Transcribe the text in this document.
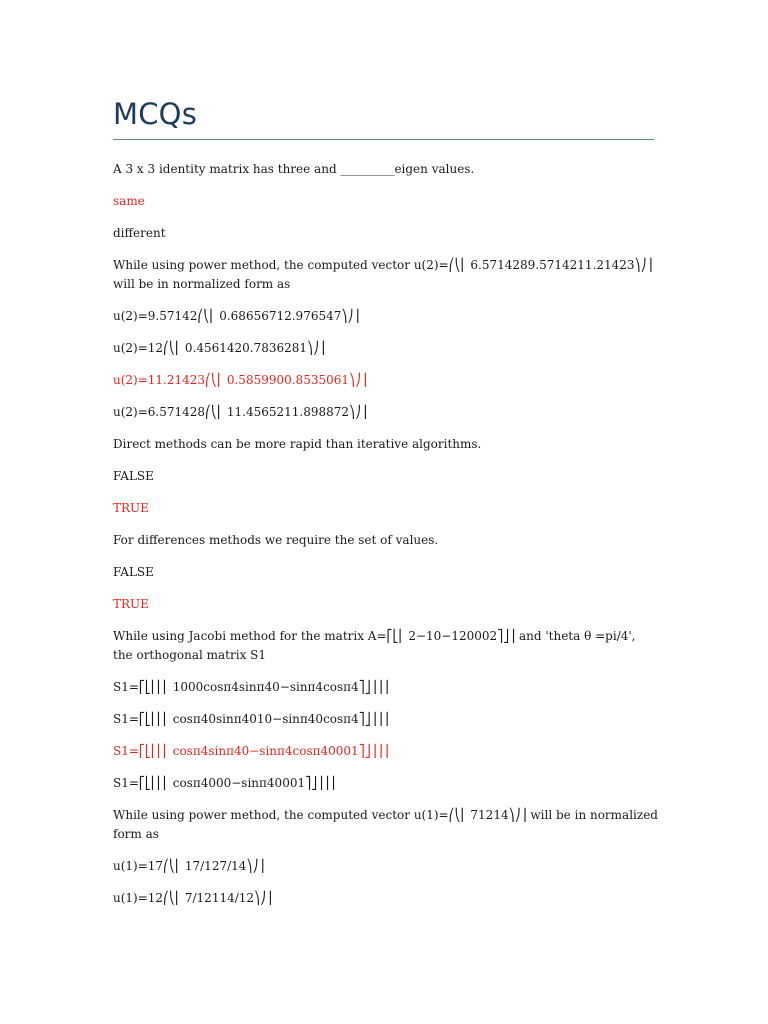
MCQs

A 3 x 3 identity matrix has three and _________eigen values.

same

different

While using power method, the computed vector u(2)=⎛⎝⎜ 6.5714289.5714211.21423⎞⎠⎟ will be in normalized form as

u(2)=9.57142⎛⎝⎜ 0.68656712.976547⎞⎠⎟

u(2)=12⎛⎝⎜ 0.4561420.7836281⎞⎠⎟

u(2)=11.21423⎛⎝⎜ 0.5859900.8535061⎞⎠⎟

u(2)=6.571428⎛⎝⎜ 11.4565211.898872⎞⎠⎟

Direct methods can be more rapid than iterative algorithms.

FALSE

TRUE

For differences methods we require the set of values.

FALSE

TRUE

While using Jacobi method for the matrix A=⎡⎣⎢ 2−10−120002⎤⎦⎥ and 'theta θ =pi/4', the orthogonal matrix S1

S1=⎡⎣⎢⎢⎢ 1000cosπ4sinπ40−sinπ4cosπ4⎤⎦⎥⎥⎥

S1=⎡⎣⎢⎢⎢ cosπ40sinπ4010−sinπ40cosπ4⎤⎦⎥⎥⎥

S1=⎡⎣⎢⎢⎢ cosπ4sinπ40−sinπ4cosπ40001⎤⎦⎥⎥⎥

S1=⎡⎣⎢⎢⎢ cosπ4000−sinπ40001⎤⎦⎥⎥⎥

While using power method, the computed vector u(1)=⎛⎝⎜ 71214⎞⎠⎟ will be in normalized form as

u(1)=17⎛⎝⎜ 17/127/14⎞⎠⎟

u(1)=12⎛⎝⎜ 7/12114/12⎞⎠⎟
